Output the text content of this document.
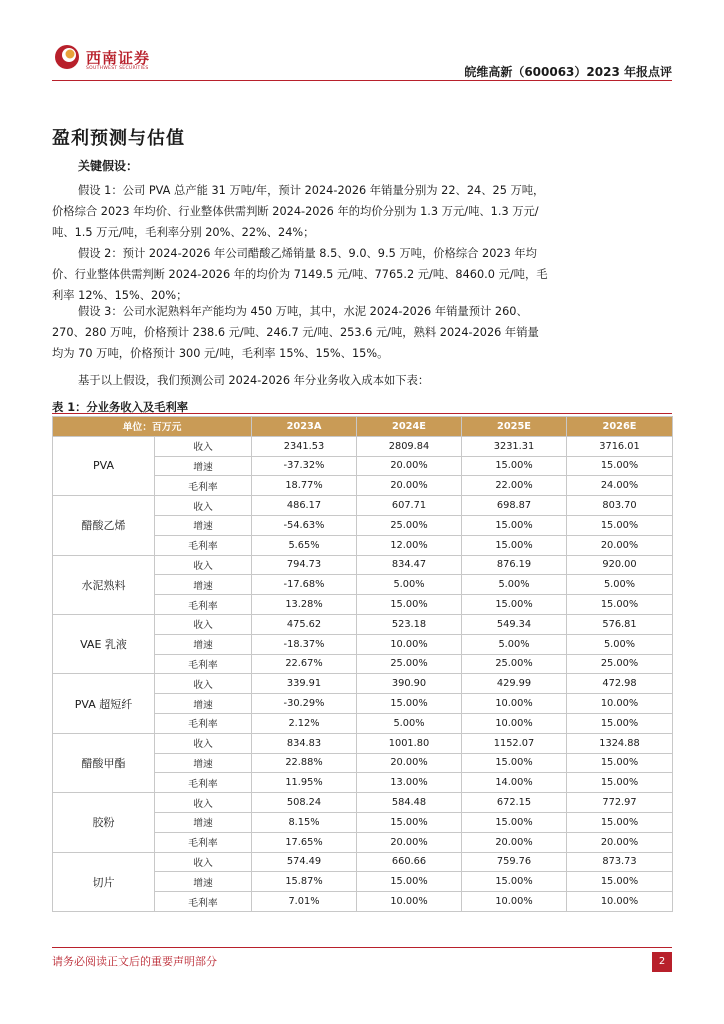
西南证券
SOUTHWEST SECURITIES	皖维高新（600063）2023 年报点评
盈利预测与估值
关键假设：

假设 1：公司 PVA 总产能 31 万吨/年，预计 2024-2026 年销量分别为 22、24、25 万吨，价格综合 2023 年均价、行业整体供需判断 2024-2026 年的均价分别为 1.3 万元/吨、1.3 万元/吨、1.5 万元/吨，毛利率分别 20%、22%、24%；

假设 2：预计 2024-2026 年公司醋酸乙烯销量 8.5、9.0、9.5 万吨，价格综合 2023 年均价、行业整体供需判断 2024-2026 年的均价为 7149.5 元/吨、7765.2 元/吨、8460.0 元/吨，毛利率 12%、15%、20%；

假设 3：公司水泥熟料年产能均为 450 万吨，其中，水泥 2024-2026 年销量预计 260、270、280 万吨，价格预计 238.6 元/吨、246.7 元/吨、253.6 元/吨，熟料 2024-2026 年销量均为 70 万吨，价格预计 300 元/吨，毛利率 15%、15%、15%。

基于以上假设，我们预测公司 2024-2026 年分业务收入成本如下表：

表 1：分业务收入及毛利率
单位：百万元		2023A	2024E	2025E	2026E
PVA	收入	2341.53	2809.84	3231.31	3716.01
	增速	-37.32%	20.00%	15.00%	15.00%
	毛利率	18.77%	20.00%	22.00%	24.00%
醋酸乙烯	收入	486.17	607.71	698.87	803.70
	增速	-54.63%	25.00%	15.00%	15.00%
	毛利率	5.65%	12.00%	15.00%	20.00%
水泥熟料	收入	794.73	834.47	876.19	920.00
	增速	-17.68%	5.00%	5.00%	5.00%
	毛利率	13.28%	15.00%	15.00%	15.00%
VAE 乳液	收入	475.62	523.18	549.34	576.81
	增速	-18.37%	10.00%	5.00%	5.00%
	毛利率	22.67%	25.00%	25.00%	25.00%
PVA 超短纤	收入	339.91	390.90	429.99	472.98
	增速	-30.29%	15.00%	10.00%	10.00%
	毛利率	2.12%	5.00%	10.00%	15.00%
醋酸甲酯	收入	834.83	1001.80	1152.07	1324.88
	增速	22.88%	20.00%	15.00%	15.00%
	毛利率	11.95%	13.00%	14.00%	15.00%
胶粉	收入	508.24	584.48	672.15	772.97
	增速	8.15%	15.00%	15.00%	15.00%
	毛利率	17.65%	20.00%	20.00%	20.00%
切片	收入	574.49	660.66	759.76	873.73
	增速	15.87%	15.00%	15.00%	15.00%
	毛利率	7.01%	10.00%	10.00%	10.00%
请务必阅读正文后的重要声明部分	2
